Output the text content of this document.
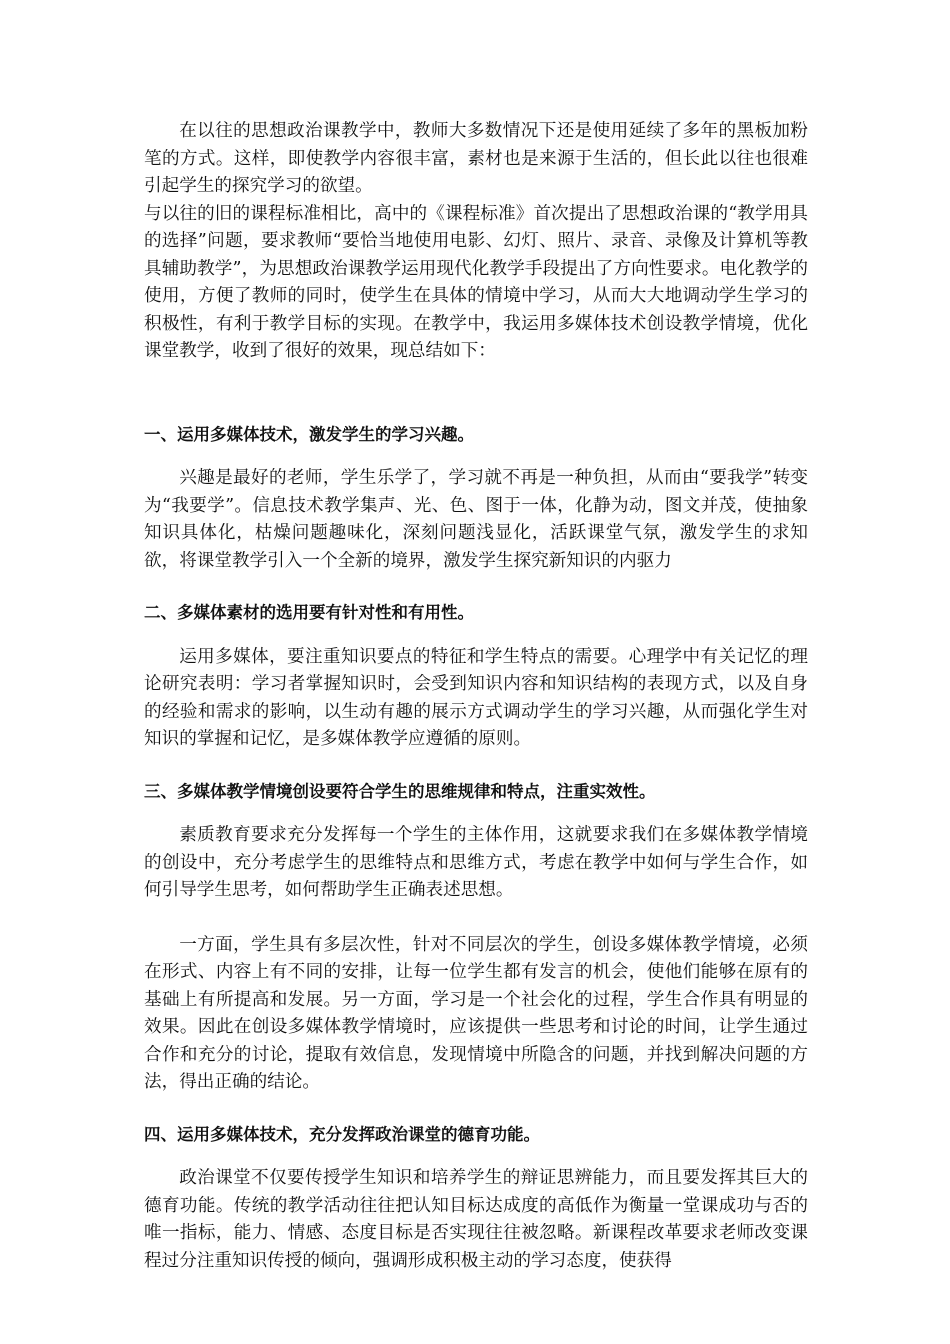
在以往的思想政治课教学中，教师大多数情况下还是使用延续了多年的黑板加粉笔的方式。这样，即使教学内容很丰富，素材也是来源于生活的，但长此以往也很难引起学生的探究学习的欲望。

与以往的旧的课程标准相比，高中的《课程标准》首次提出了思想政治课的“教学用具的选择”问题，要求教师“要恰当地使用电影、幻灯、照片、录音、录像及计算机等教具辅助教学”，为思想政治课教学运用现代化教学手段提出了方向性要求。电化教学的使用，方便了教师的同时，使学生在具体的情境中学习，从而大大地调动学生学习的积极性，有利于教学目标的实现。在教学中，我运用多媒体技术创设教学情境，优化课堂教学，收到了很好的效果，现总结如下：

一、运用多媒体技术，激发学生的学习兴趣。

兴趣是最好的老师，学生乐学了，学习就不再是一种负担，从而由“要我学”转变为“我要学”。信息技术教学集声、光、色、图于一体，化静为动，图文并茂，使抽象知识具体化，枯燥问题趣味化，深刻问题浅显化，活跃课堂气氛，激发学生的求知欲，将课堂教学引入一个全新的境界，激发学生探究新知识的内驱力

二、多媒体素材的选用要有针对性和有用性。

运用多媒体，要注重知识要点的特征和学生特点的需要。心理学中有关记忆的理论研究表明：学习者掌握知识时，会受到知识内容和知识结构的表现方式，以及自身的经验和需求的影响，以生动有趣的展示方式调动学生的学习兴趣，从而强化学生对知识的掌握和记忆，是多媒体教学应遵循的原则。

三、多媒体教学情境创设要符合学生的思维规律和特点，注重实效性。

素质教育要求充分发挥每一个学生的主体作用，这就要求我们在多媒体教学情境的创设中，充分考虑学生的思维特点和思维方式，考虑在教学中如何与学生合作，如何引导学生思考，如何帮助学生正确表述思想。

一方面，学生具有多层次性，针对不同层次的学生，创设多媒体教学情境，必须在形式、内容上有不同的安排，让每一位学生都有发言的机会，使他们能够在原有的基础上有所提高和发展。另一方面，学习是一个社会化的过程，学生合作具有明显的效果。因此在创设多媒体教学情境时，应该提供一些思考和讨论的时间，让学生通过合作和充分的讨论，提取有效信息，发现情境中所隐含的问题，并找到解决问题的方法，得出正确的结论。

四、运用多媒体技术，充分发挥政治课堂的德育功能。

政治课堂不仅要传授学生知识和培养学生的辩证思辨能力，而且要发挥其巨大的德育功能。传统的教学活动往往把认知目标达成度的高低作为衡量一堂课成功与否的唯一指标，能力、情感、态度目标是否实现往往被忽略。新课程改革要求老师改变课程过分注重知识传授的倾向，强调形成积极主动的学习态度，使获得
